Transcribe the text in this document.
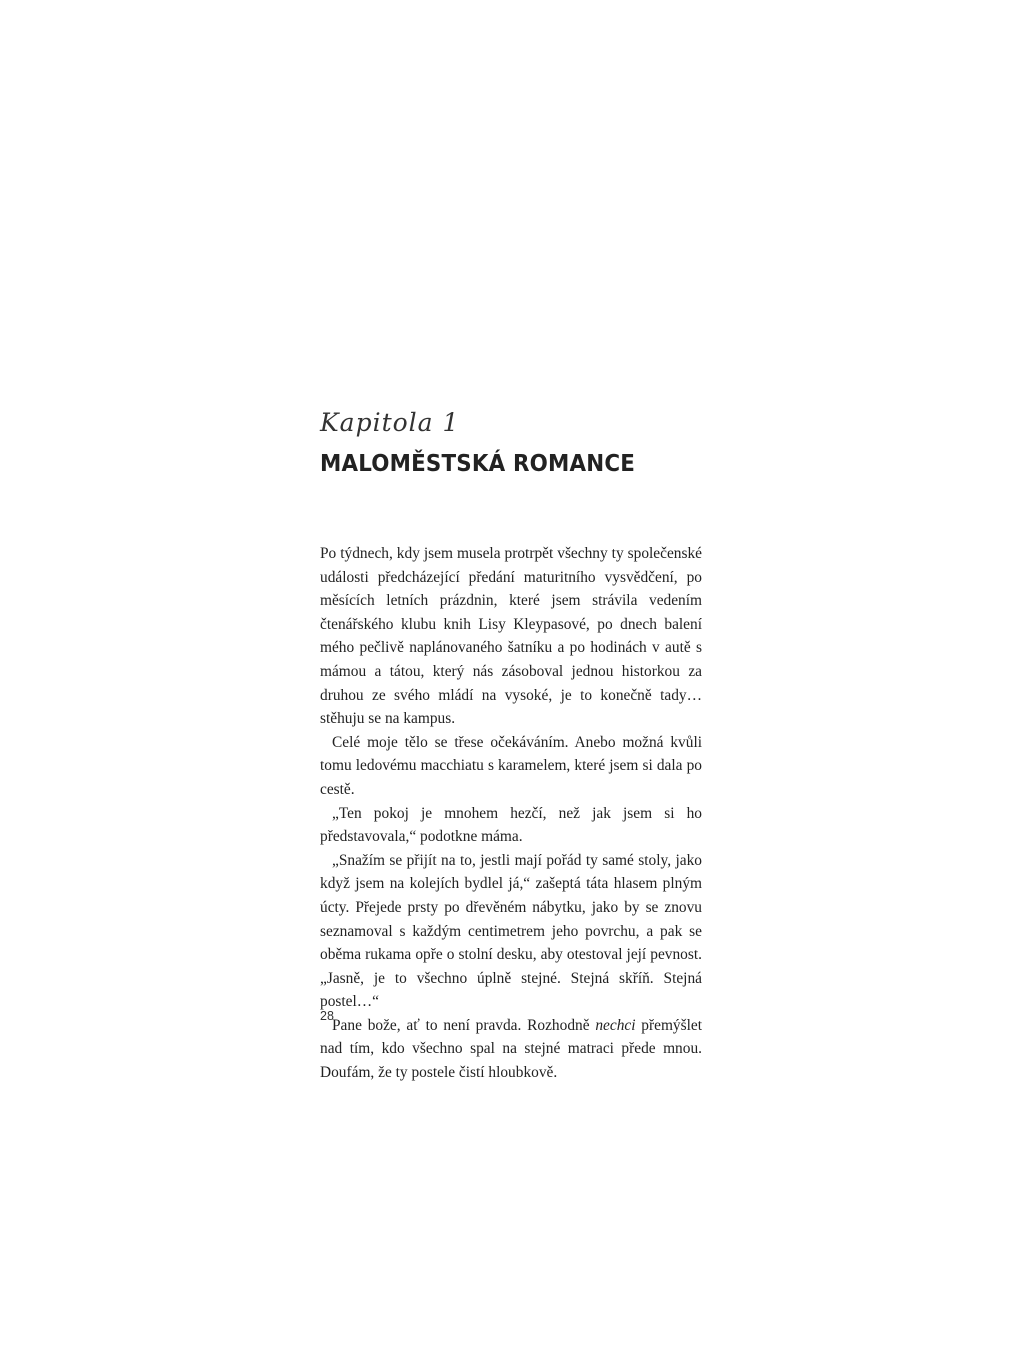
Kapitola 1
MALOMĚSTSKÁ ROMANCE

Po týdnech, kdy jsem musela protrpět všechny ty společenské události předcházející předání maturitního vysvědčení, po měsících letních prázdnin, které jsem strávila vedením čtenářského klubu knih Lisy Kleypasové, po dnech balení mého pečlivě naplánovaného šatníku a po hodinách v autě s mámou a tátou, který nás zásoboval jednou historkou za druhou ze svého mládí na vysoké, je to konečně tady… stěhuju se na kampus.

Celé moje tělo se třese očekáváním. Anebo možná kvůli tomu ledovému macchiatu s karamelem, které jsem si dala po cestě.

„Ten pokoj je mnohem hezčí, než jak jsem si ho představovala,“ podotkne máma.

„Snažím se přijít na to, jestli mají pořád ty samé stoly, jako když jsem na kolejích bydlel já,“ zašeptá táta hlasem plným úcty. Přejede prsty po dřevěném nábytku, jako by se znovu seznamoval s každým centimetrem jeho povrchu, a pak se oběma rukama opře o stolní desku, aby otestoval její pevnost. „Jasně, je to všechno úplně stejné. Stejná skříň. Stejná postel…“

Pane bože, ať to není pravda. Rozhodně nechci přemýšlet nad tím, kdo všechno spal na stejné matraci přede mnou. Doufám, že ty postele čistí hloubkově.

28
